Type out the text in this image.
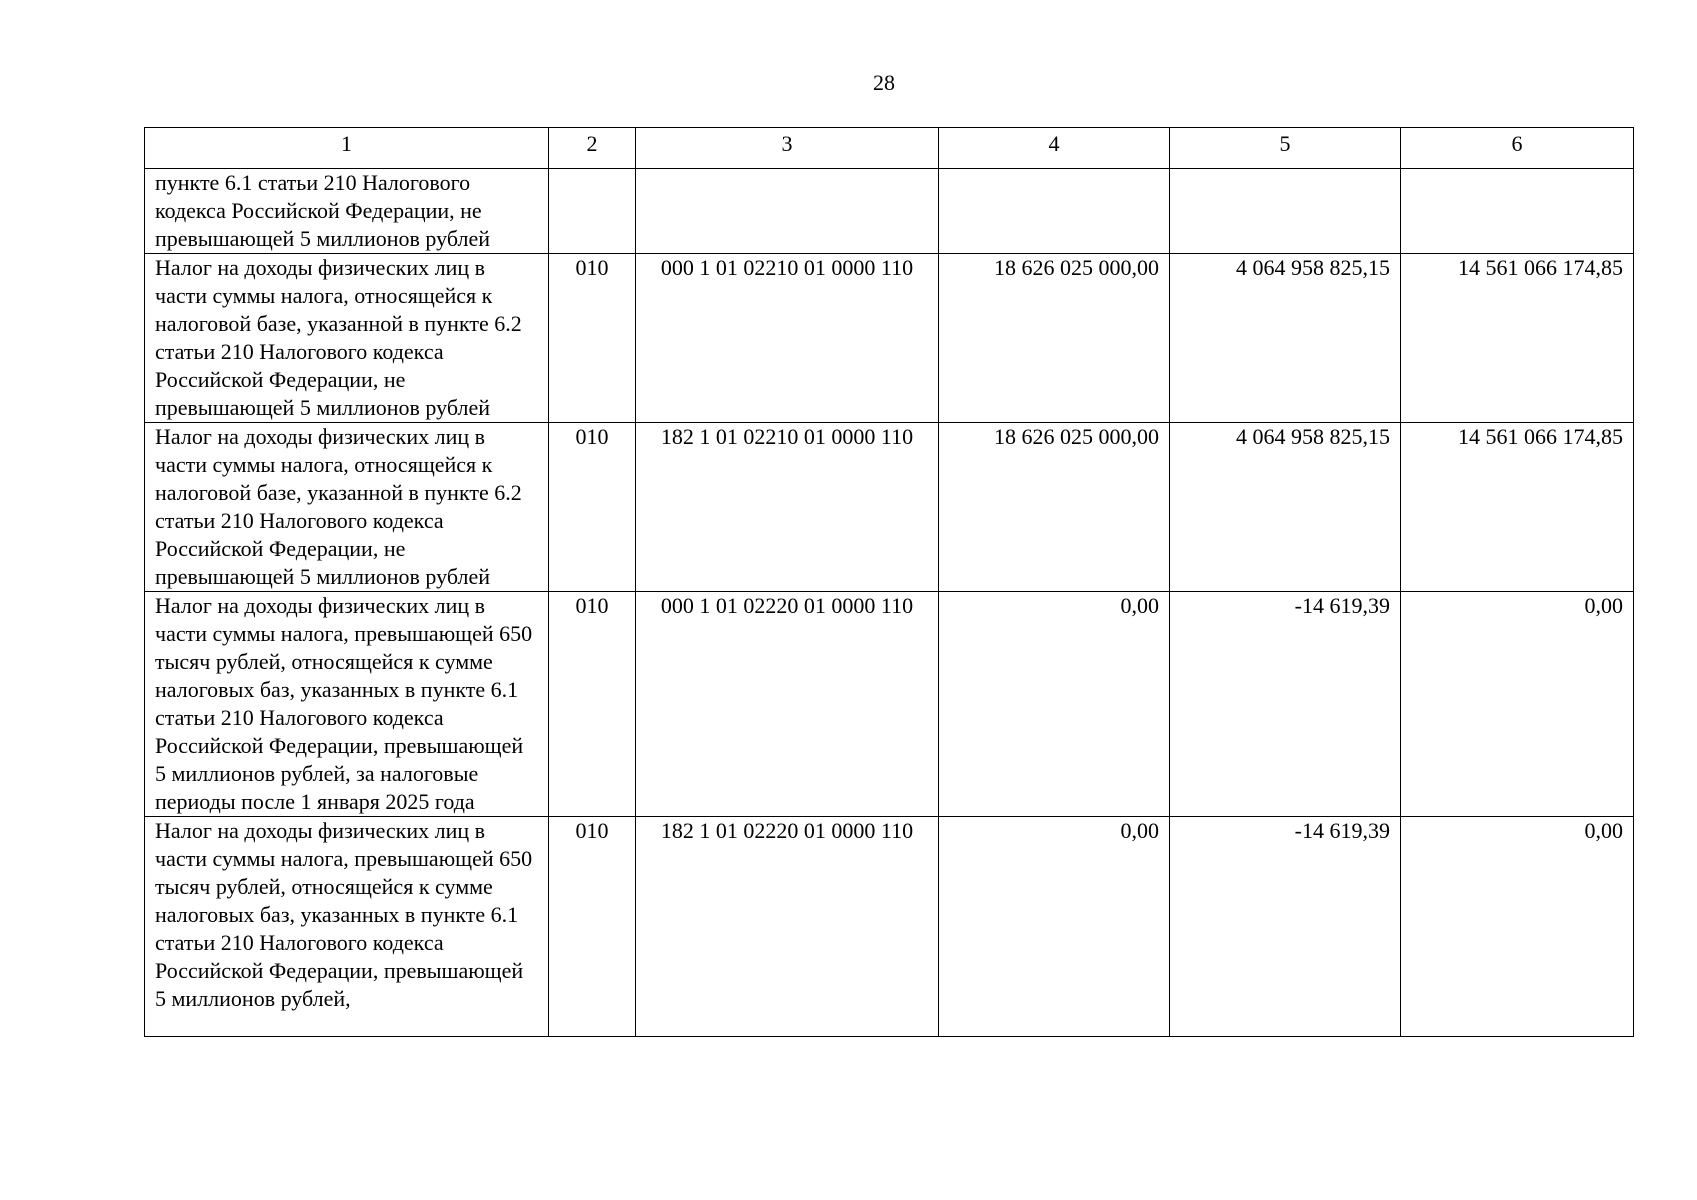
28
1	2	3	4	5	6
пункте 6.1 статьи 210 Налогового кодекса Российской Федерации, не превышающей 5 миллионов рублей					
Налог на доходы физических лиц в части суммы налога, относящейся к налоговой базе, указанной в пункте 6.2 статьи 210 Налогового кодекса Российской Федерации, не превышающей 5 миллионов рублей	010	000 1 01 02210 01 0000 110	18 626 025 000,00	4 064 958 825,15	14 561 066 174,85
Налог на доходы физических лиц в части суммы налога, относящейся к налоговой базе, указанной в пункте 6.2 статьи 210 Налогового кодекса Российской Федерации, не превышающей 5 миллионов рублей	010	182 1 01 02210 01 0000 110	18 626 025 000,00	4 064 958 825,15	14 561 066 174,85
Налог на доходы физических лиц в части суммы налога, превышающей 650 тысяч рублей, относящейся к сумме налоговых баз, указанных в пункте 6.1 статьи 210 Налогового кодекса Российской Федерации, превышающей 5 миллионов рублей, за налоговые периоды после 1 января 2025 года	010	000 1 01 02220 01 0000 110	0,00	-14 619,39	0,00
Налог на доходы физических лиц в части суммы налога, превышающей 650 тысяч рублей, относящейся к сумме налоговых баз, указанных в пункте 6.1 статьи 210 Налогового кодекса Российской Федерации, превышающей 5 миллионов рублей,	010	182 1 01 02220 01 0000 110	0,00	-14 619,39	0,00
